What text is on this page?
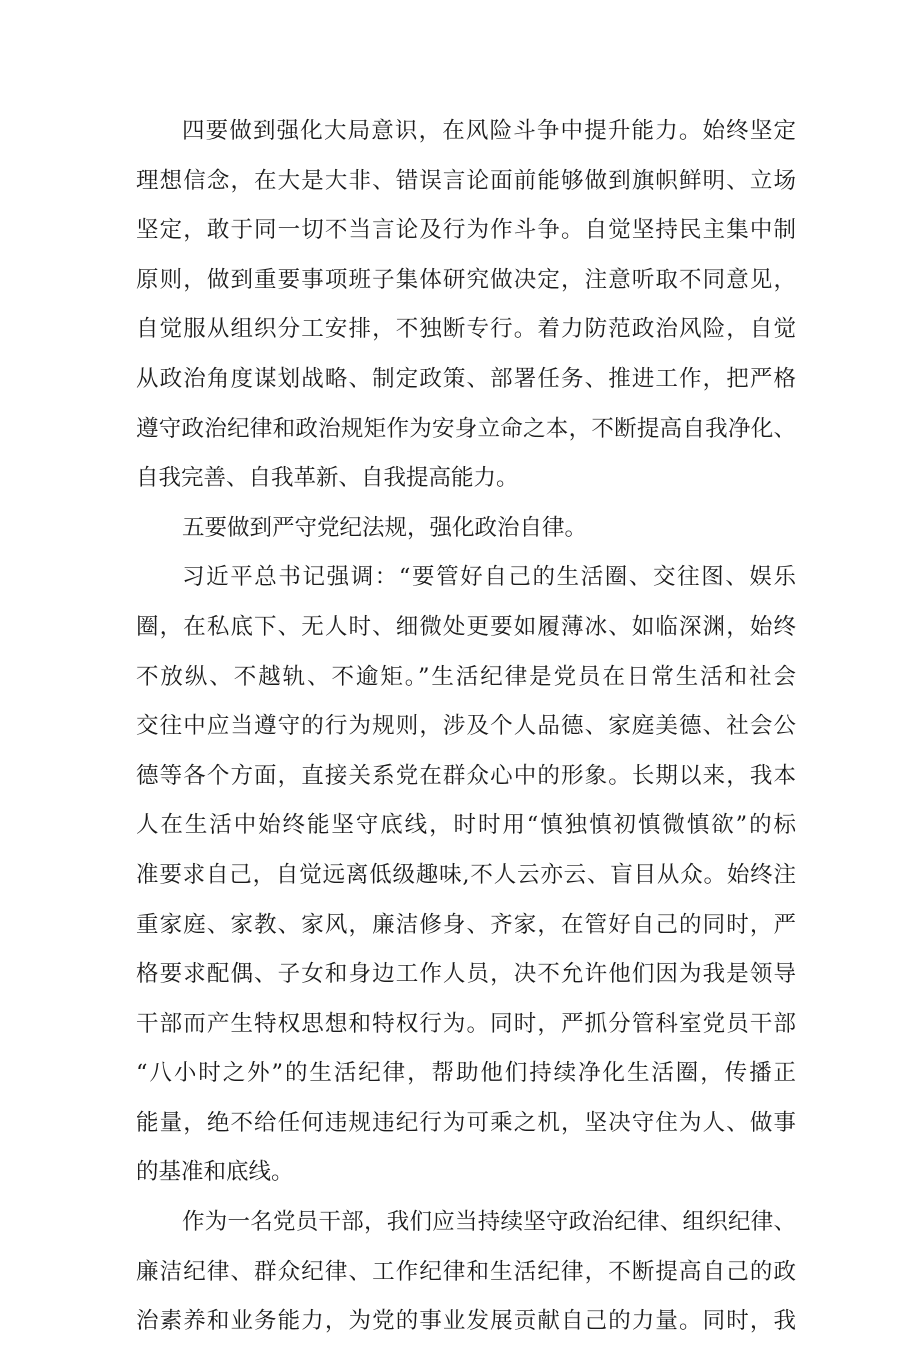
四要做到强化大局意识，在风险斗争中提升能力。始终坚定
理想信念，在大是大非、错误言论面前能够做到旗帜鲜明、立场
坚定，敢于同一切不当言论及行为作斗争。自觉坚持民主集中制
原则，做到重要事项班子集体研究做决定，注意听取不同意见，
自觉服从组织分工安排，不独断专行。着力防范政治风险，自觉
从政治角度谋划战略、制定政策、部署任务、推进工作，把严格
遵守政治纪律和政治规矩作为安身立命之本，不断提高自我净化、
自我完善、自我革新、自我提高能力。
五要做到严守党纪法规，强化政治自律。
习近平总书记强调：“要管好自己的生活圈、交往图、娱乐
圈，在私底下、无人时、细微处更要如履薄冰、如临深渊，始终
不放纵、不越轨、不逾矩。”生活纪律是党员在日常生活和社会
交往中应当遵守的行为规则，涉及个人品德、家庭美德、社会公
德等各个方面，直接关系党在群众心中的形象。长期以来，我本
人在生活中始终能坚守底线，时时用“慎独慎初慎微慎欲”的标
准要求自己，自觉远离低级趣味,不人云亦云、盲目从众。始终注
重家庭、家教、家风，廉洁修身、齐家，在管好自己的同时，严
格要求配偶、子女和身边工作人员，决不允许他们因为我是领导
干部而产生特权思想和特权行为。同时，严抓分管科室党员干部
“八小时之外”的生活纪律，帮助他们持续净化生活圈，传播正
能量，绝不给任何违规违纪行为可乘之机，坚决守住为人、做事
的基准和底线。
作为一名党员干部，我们应当持续坚守政治纪律、组织纪律、
廉洁纪律、群众纪律、工作纪律和生活纪律，不断提高自己的政
治素养和业务能力，为党的事业发展贡献自己的力量。同时，我
